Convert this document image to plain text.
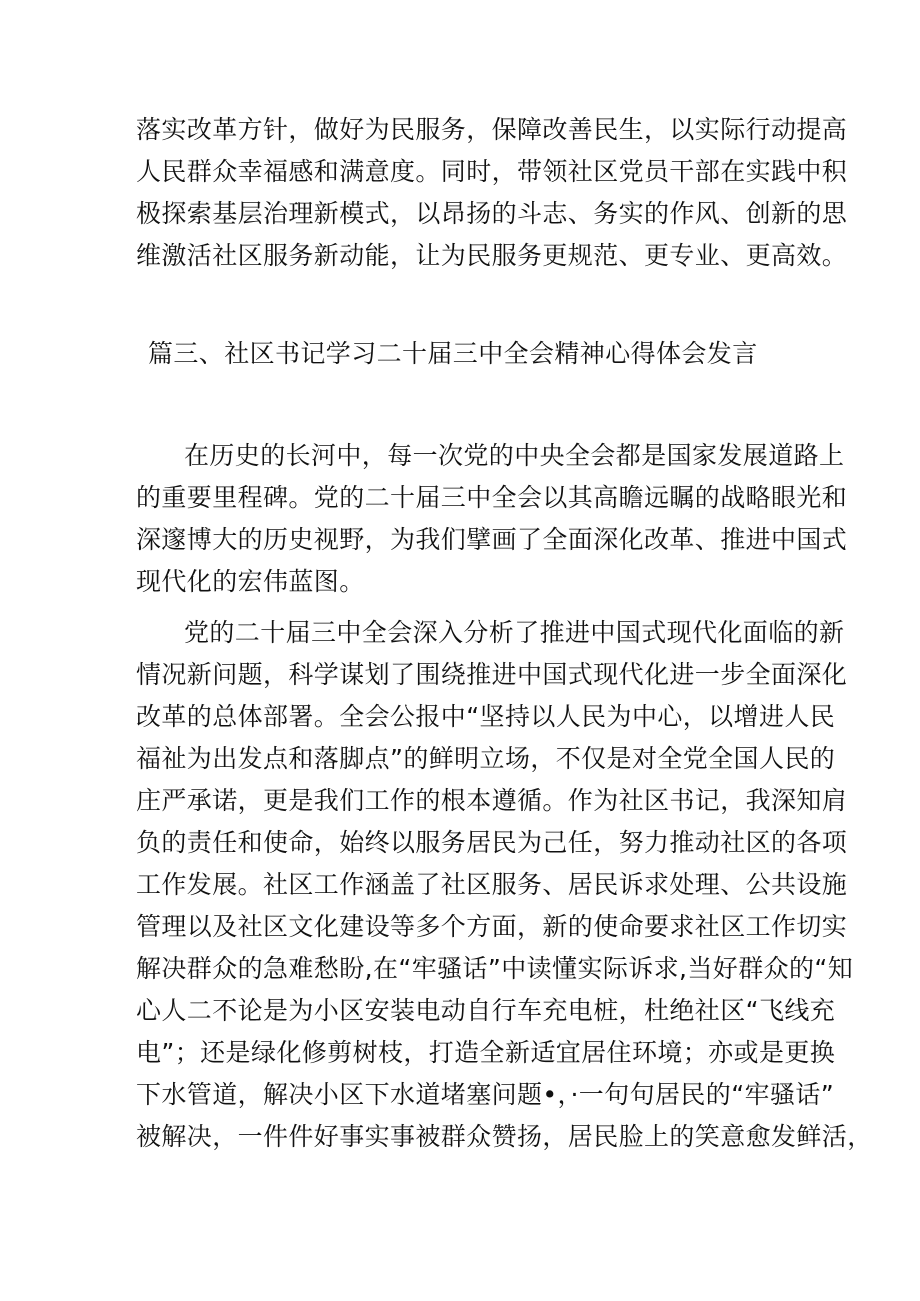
落实改革方针，做好为民服务，保障改善民生，以实际行动提高
人民群众幸福感和满意度。同时，带领社区党员干部在实践中积
极探索基层治理新模式，以昂扬的斗志、务实的作风、创新的思
维激活社区服务新动能，让为民服务更规范、更专业、更高效。
篇三、社区书记学习二十届三中全会精神心得体会发言
在历史的长河中，每一次党的中央全会都是国家发展道路上
的重要里程碑。党的二十届三中全会以其高瞻远瞩的战略眼光和
深邃博大的历史视野，为我们擘画了全面深化改革、推进中国式
现代化的宏伟蓝图。
党的二十届三中全会深入分析了推进中国式现代化面临的新
情况新问题，科学谋划了围绕推进中国式现代化进一步全面深化
改革的总体部署。全会公报中“坚持以人民为中心，以增进人民
福祉为出发点和落脚点”的鲜明立场，不仅是对全党全国人民的
庄严承诺，更是我们工作的根本遵循。作为社区书记，我深知肩
负的责任和使命，始终以服务居民为己任，努力推动社区的各项
工作发展。社区工作涵盖了社区服务、居民诉求处理、公共设施
管理以及社区文化建设等多个方面，新的使命要求社区工作切实
解决群众的急难愁盼,在“牢骚话”中读懂实际诉求,当好群众的“知
心人二不论是为小区安装电动自行车充电桩，杜绝社区“飞线充
电”；还是绿化修剪树枝，打造全新适宜居住环境；亦或是更换
下水管道，解决小区下水道堵塞问题•，·一句句居民的“牢骚话”
被解决，一件件好事实事被群众赞扬，居民脸上的笑意愈发鲜活，
